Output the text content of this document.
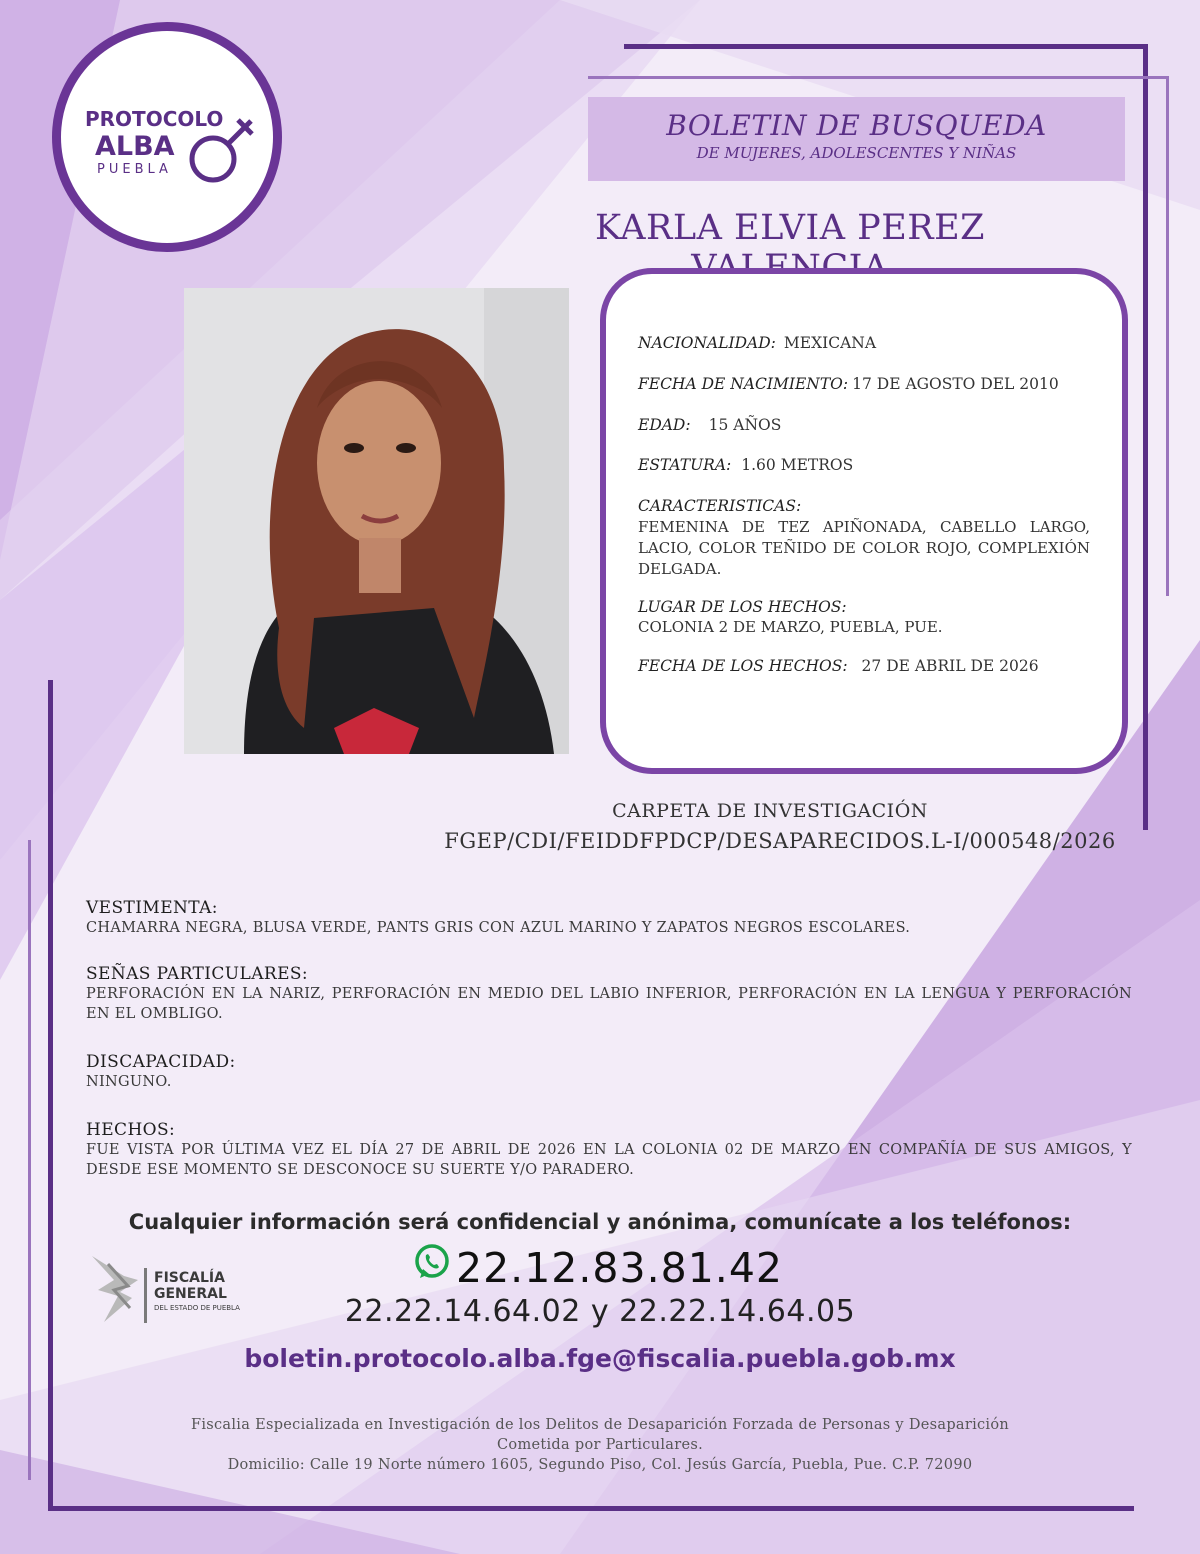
PROTOCOLO
ALBA
PUEBLA
BOLETIN DE BUSQUEDA
DE MUJERES, ADOLESCENTES Y NIÑAS
KARLA ELVIA PEREZ
NACIONALIDAD: MEXICANA
FECHA DE NACIMIENTO: 17 DE AGOSTO DEL 2010
EDAD: 15 AÑOS
ESTATURA: 1.60 METROS
CARACTERISTICAS:
FEMENINA DE TEZ APIÑONADA, CABELLO LARGO, LACIO, COLOR TEÑIDO DE COLOR ROJO, COMPLEXIÓN DELGADA.
LUGAR DE LOS HECHOS:
COLONIA 2 DE MARZO, PUEBLA, PUE.
FECHA DE LOS HECHOS: 27 DE ABRIL DE 2026
CARPETA DE INVESTIGACIÓN
FGEP/CDI/FEIDDFPDCP/DESAPARECIDOS.L-I/000548/2026
VESTIMENTA:
CHAMARRA NEGRA, BLUSA VERDE, PANTS GRIS CON AZUL MARINO Y ZAPATOS NEGROS ESCOLARES.
SEÑAS PARTICULARES:
PERFORACIÓN EN LA NARIZ, PERFORACIÓN EN MEDIO DEL LABIO INFERIOR, PERFORACIÓN EN LA LENGUA Y PERFORACIÓN EN EL OMBLIGO.
DISCAPACIDAD:
NINGUNO.
HECHOS:
FUE VISTA POR ÚLTIMA VEZ EL DÍA 27 DE ABRIL DE 2026 EN LA COLONIA 02 DE MARZO EN COMPAÑÍA DE SUS AMIGOS, Y DESDE ESE MOMENTO SE DESCONOCE SU SUERTE Y/O PARADERO.
Cualquier información será confidencial y anónima, comunícate a los teléfonos:
FISCALÍA
GENERAL
DEL ESTADO DE PUEBLA
22.12.83.81.42
22.22.14.64.02 y 22.22.14.64.05
boletin.protocolo.alba.fge@fiscalia.puebla.gob.mx
Fiscalia Especializada en Investigación de los Delitos de Desaparición Forzada de Personas y Desaparición
Cometida por Particulares.
Domicilio: Calle 19 Norte número 1605, Segundo Piso, Col. Jesús García, Puebla, Pue. C.P. 72090
